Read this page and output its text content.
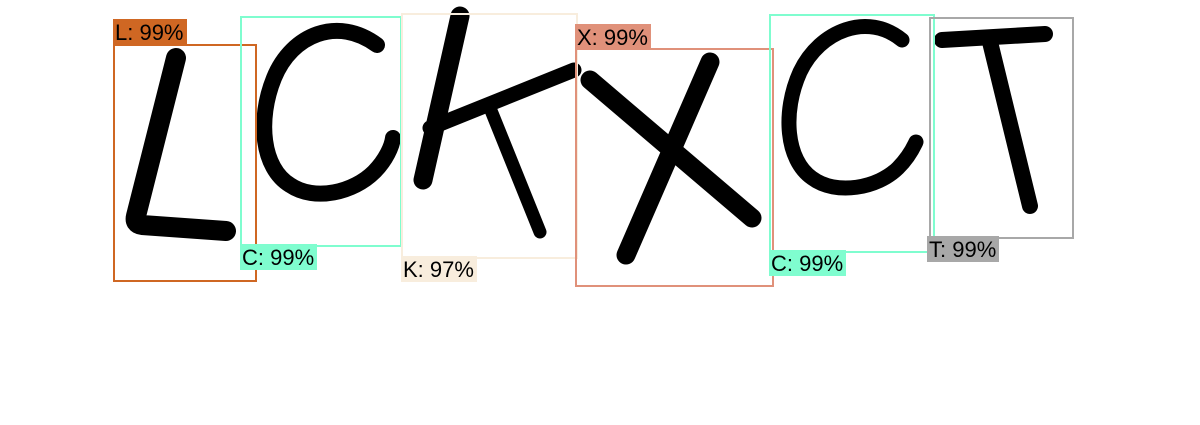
L: 99%
C: 99%	K: 97%
X: 99%
C: 99%
T: 99%
